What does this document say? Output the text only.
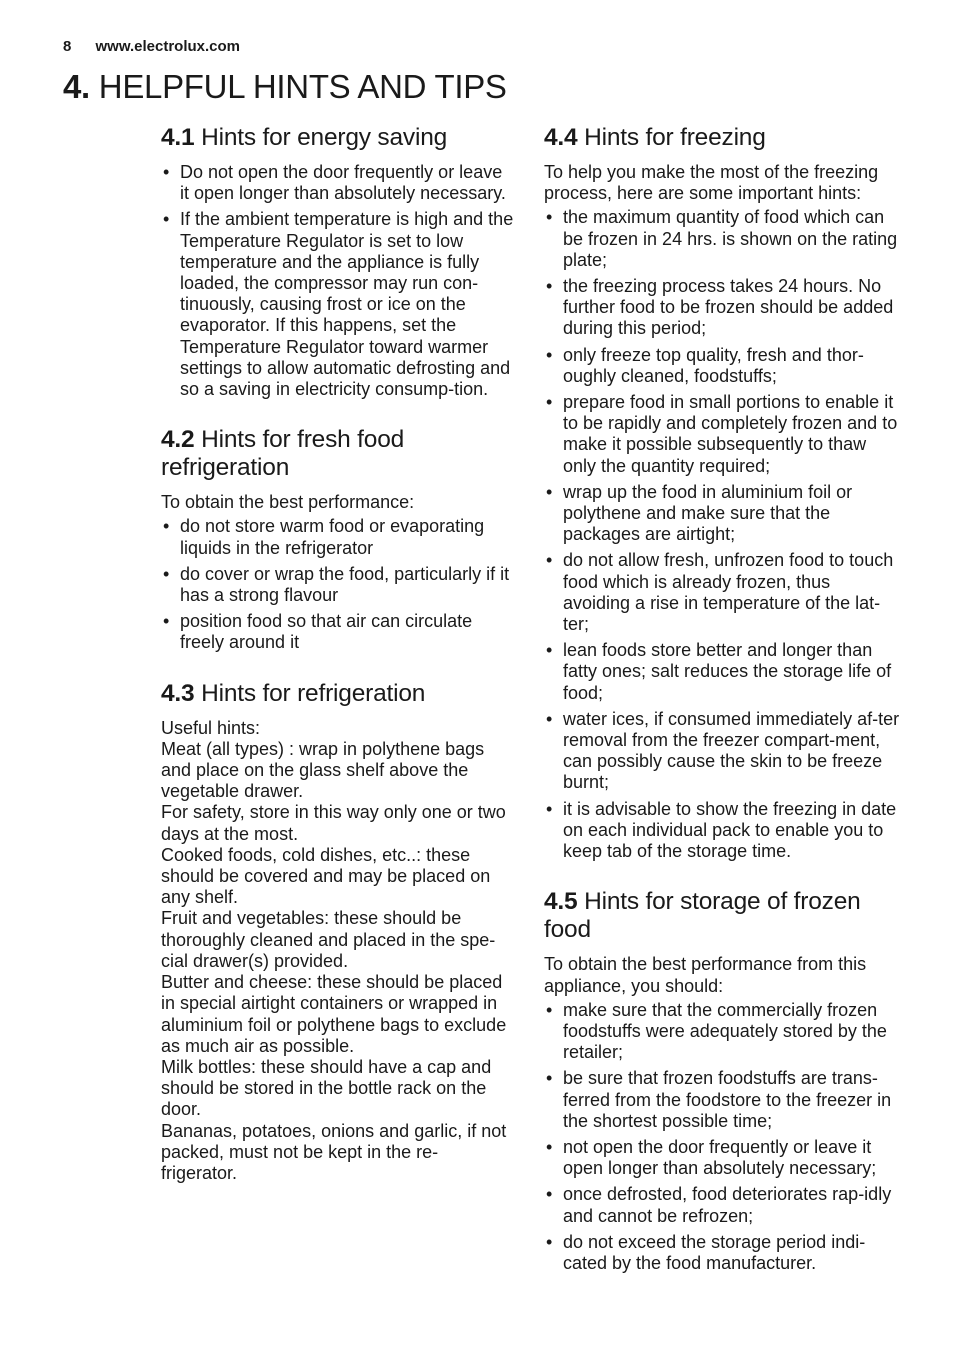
8 www.electrolux.com
4. HELPFUL HINTS AND TIPS
4.1 Hints for energy saving
• Do not open the door frequently or leave it open longer than absolutely necessary.
• If the ambient temperature is high and the Temperature Regulator is set to low temperature and the appliance is fully loaded, the compressor may run con-tinuously, causing frost or ice on the evaporator. If this happens, set the Temperature Regulator toward warmer settings to allow automatic defrosting and so a saving in electricity consump-tion.
4.2 Hints for fresh food refrigeration

To obtain the best performance:

• do not store warm food or evaporating liquids in the refrigerator
• do cover or wrap the food, particularly if it has a strong flavour
• position food so that air can circulate freely around it
4.3 Hints for refrigeration

Useful hints:

Meat (all types) : wrap in polythene bags and place on the glass shelf above the vegetable drawer.

For safety, store in this way only one or two days at the most.

Cooked foods, cold dishes, etc..: these should be covered and may be placed on any shelf.

Fruit and vegetables: these should be thoroughly cleaned and placed in the spe-cial drawer(s) provided.

Butter and cheese: these should be placed in special airtight containers or wrapped in aluminium foil or polythene bags to exclude as much air as possible.

Milk bottles: these should have a cap and should be stored in the bottle rack on the door.

Bananas, potatoes, onions and garlic, if not packed, must not be kept in the re-frigerator.

4.4 Hints for freezing

To help you make the most of the freezing process, here are some important hints:

• the maximum quantity of food which can be frozen in 24 hrs. is shown on the rating plate;
• the freezing process takes 24 hours. No further food to be frozen should be added during this period;
• only freeze top quality, fresh and thor-oughly cleaned, foodstuffs;
• prepare food in small portions to enable it to be rapidly and completely frozen and to make it possible subsequently to thaw only the quantity required;
• wrap up the food in aluminium foil or polythene and make sure that the packages are airtight;
• do not allow fresh, unfrozen food to touch food which is already frozen, thus avoiding a rise in temperature of the lat-ter;
• lean foods store better and longer than fatty ones; salt reduces the storage life of food;
• water ices, if consumed immediately af-ter removal from the freezer compart-ment, can possibly cause the skin to be freeze burnt;
• it is advisable to show the freezing in date on each individual pack to enable you to keep tab of the storage time.
4.5 Hints for storage of frozen food

To obtain the best performance from this appliance, you should:

• make sure that the commercially frozen foodstuffs were adequately stored by the retailer;
• be sure that frozen foodstuffs are trans-ferred from the foodstore to the freezer in the shortest possible time;
• not open the door frequently or leave it open longer than absolutely necessary;
• once defrosted, food deteriorates rap-idly and cannot be refrozen;
• do not exceed the storage period indi-cated by the food manufacturer.
